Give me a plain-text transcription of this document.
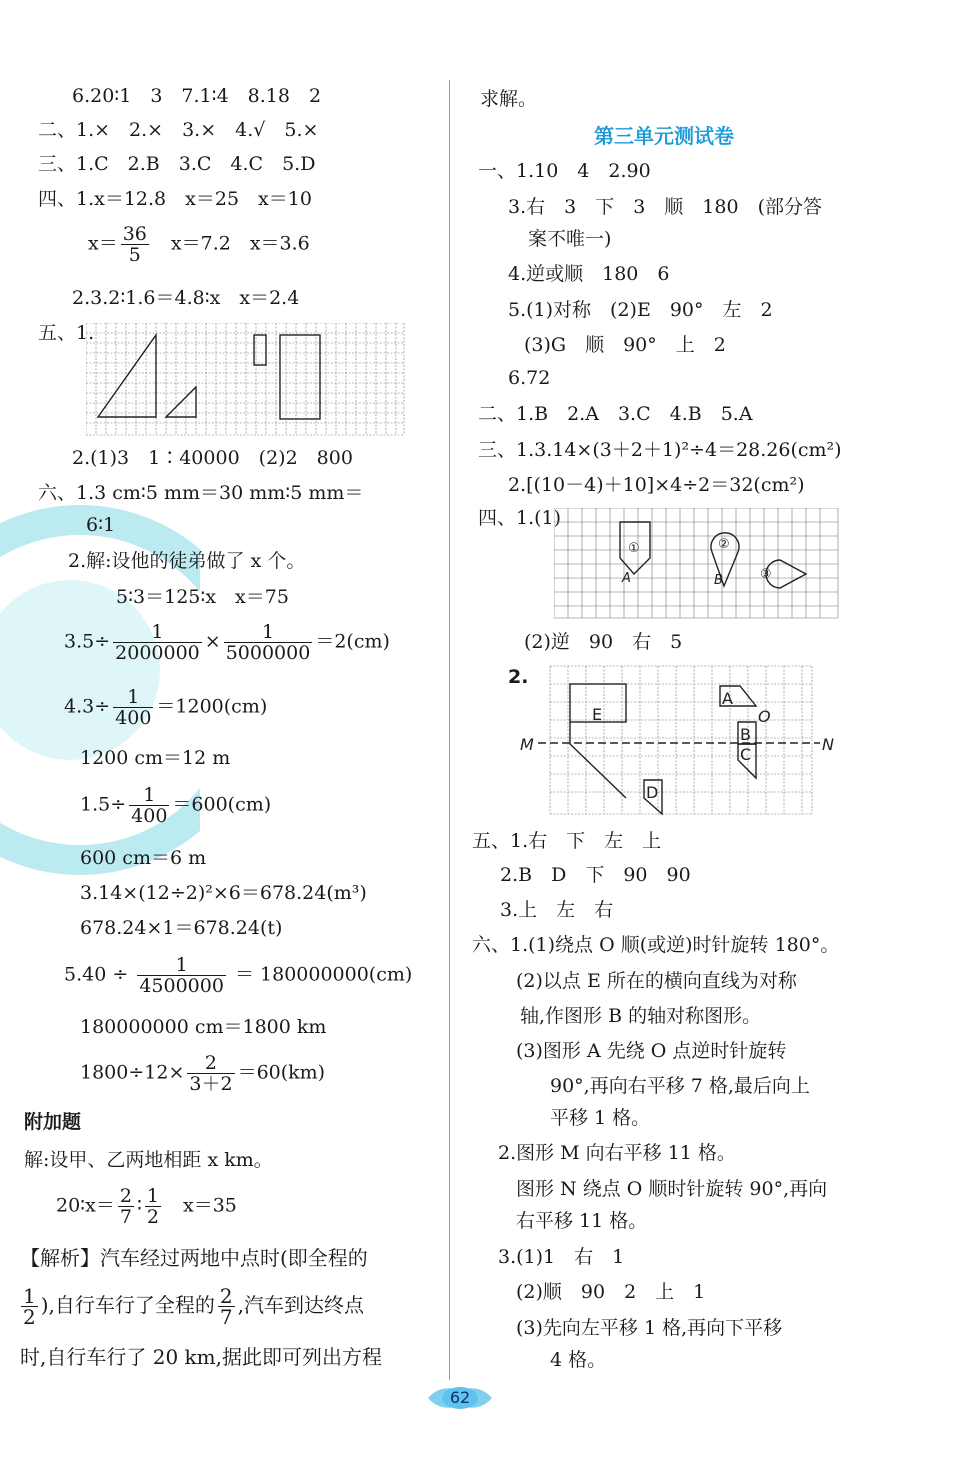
6.20∶1　3　7.1∶4　8.18　2
二、1.×　2.×　3.×　4.√　5.×
三、1.C　2.B　3.C　4.C　5.D
四、1.x＝12.8　x＝25　x＝10
$x= \frac{36}{5}$ 　x＝7.2　x＝3.6
2.3.2∶1.6＝4.8∶x　x＝2.4
五、1.
2.(1)3　1∶40000　(2)2　800
六、1.3 cm∶5 mm＝30 mm∶5 mm＝
6∶1
2.解:设他的徒弟做了 x 个。
5∶3＝125∶x　x＝75
$3.5\div \frac{1}{2000000} \times \frac{1}{5000000} =2(cm)$
$4.3\div \frac{1}{400} =1200(cm)$
1200 cm＝12 m
$1.5\div \frac{1}{400} =600(cm)$
600 cm＝6 m
3.14×(12÷2)²×6＝678.24(m³)
678.24×1＝678.24(t)
$5.40 \div \frac{1}{4500000} = 180000000(cm)$
180000000 cm＝1800 km
$1800\div 12\times \frac{2}{3+2} =60(km)$
附加题
解:设甲、乙两地相距 x km。
20∶x＝ $\frac{2}{7}$ ∶ $\frac{1}{2}$ 　x＝35
【解析】汽车经过两地中点时(即全程的
$\frac{1}{2}$ ),自行车行了全程的 $\frac{2}{7}$ ,汽车到达终点
时,自行车行了 20 km,据此即可列出方程
求解。
第三单元测试卷
一、1.10　4　2.90
3.右　3　下　3　顺　180　(部分答
案不唯一)
4.逆或顺　180　6
5.(1)对称　(2)E　90°　左　2
(3)G　顺　90°　上　2
6.72
二、1.B　2.A　3.C　4.B　5.A
三、1.3.14×(3＋2＋1)²÷4＝28.26(cm²)
2.[(10－4)＋10]×4÷2＝32(cm²)
四、1.(1)
①	②
③
A	B
(2)逆　90　右　5
2.
E
A
O
B
C
D
M	N
五、1.右　下　左　上
2.B　D　下　90　90
3.上　左　右
六、1.(1)绕点 O 顺(或逆)时针旋转 180°。
(2)以点 E 所在的横向直线为对称
轴,作图形 B 的轴对称图形。
(3)图形 A 先绕 O 点逆时针旋转
90°,再向右平移 7 格,最后向上
平移 1 格。
2.图形 M 向右平移 11 格。
图形 N 绕点 O 顺时针旋转 90°,再向
右平移 11 格。
3.(1)1　右　1
(2)顺　90　2　上　1
(3)先向左平移 1 格,再向下平移
4 格。
62
